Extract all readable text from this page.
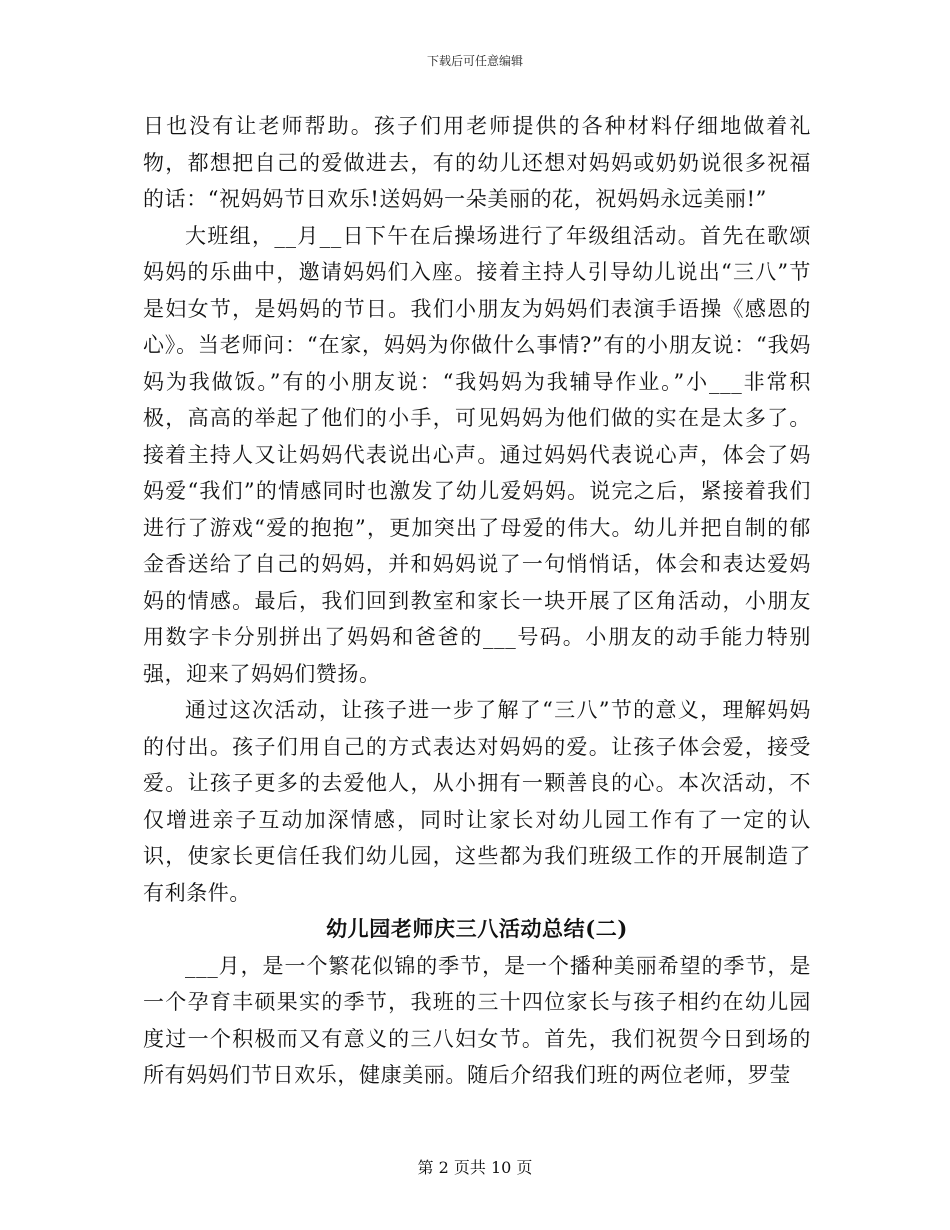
下载后可任意编辑

日也没有让老师帮助。孩子们用老师提供的各种材料仔细地做着礼物，都想把自己的爱做进去，有的幼儿还想对妈妈或奶奶说很多祝福的话：“祝妈妈节日欢乐!送妈妈一朵美丽的花，祝妈妈永远美丽!”

大班组，__月__日下午在后操场进行了年级组活动。首先在歌颂妈妈的乐曲中，邀请妈妈们入座。接着主持人引导幼儿说出“三八”节是妇女节，是妈妈的节日。我们小朋友为妈妈们表演手语操《感恩的心》。当老师问：“在家，妈妈为你做什么事情?”有的小朋友说：“我妈妈为我做饭。”有的小朋友说：“我妈妈为我辅导作业。”小___非常积极，高高的举起了他们的小手，可见妈妈为他们做的实在是太多了。接着主持人又让妈妈代表说出心声。通过妈妈代表说心声，体会了妈妈爱“我们”的情感同时也激发了幼儿爱妈妈。说完之后，紧接着我们进行了游戏“爱的抱抱”，更加突出了母爱的伟大。幼儿并把自制的郁金香送给了自己的妈妈，并和妈妈说了一句悄悄话，体会和表达爱妈妈的情感。最后，我们回到教室和家长一块开展了区角活动，小朋友用数字卡分别拼出了妈妈和爸爸的___号码。小朋友的动手能力特别强，迎来了妈妈们赞扬。

通过这次活动，让孩子进一步了解了“三八”节的意义，理解妈妈的付出。孩子们用自己的方式表达对妈妈的爱。让孩子体会爱，接受爱。让孩子更多的去爱他人，从小拥有一颗善良的心。本次活动，不仅增进亲子互动加深情感，同时让家长对幼儿园工作有了一定的认识，使家长更信任我们幼儿园，这些都为我们班级工作的开展制造了有利条件。

幼儿园老师庆三八活动总结(二)

___月，是一个繁花似锦的季节，是一个播种美丽希望的季节，是一个孕育丰硕果实的季节，我班的三十四位家长与孩子相约在幼儿园度过一个积极而又有意义的三八妇女节。首先，我们祝贺今日到场的所有妈妈们节日欢乐，健康美丽。随后介绍我们班的两位老师，罗莹

第 2 页共 10 页
